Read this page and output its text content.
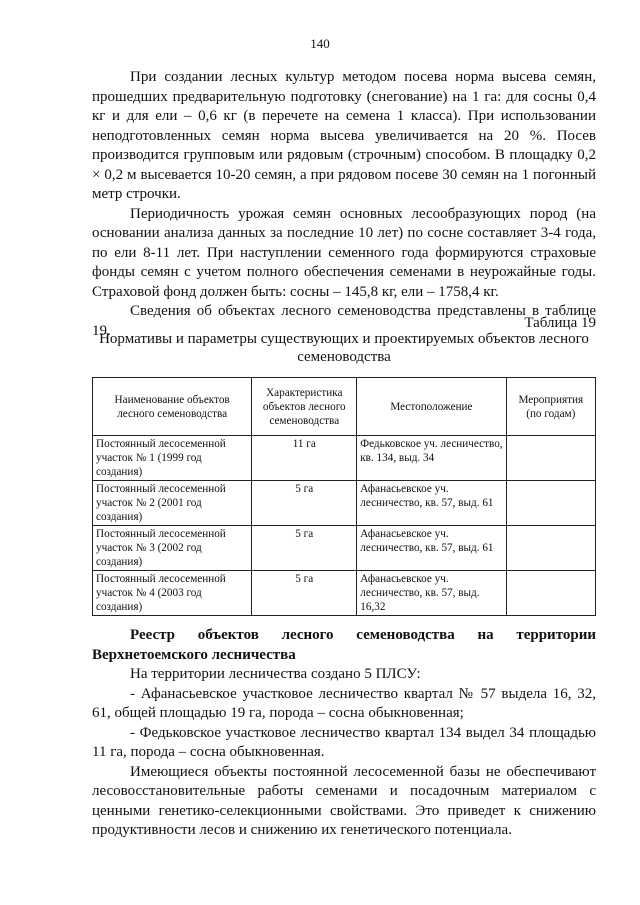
140

При создании лесных культур методом посева норма высева семян, прошедших предварительную подготовку (снегование) на 1 га: для сосны 0,4 кг и для ели – 0,6 кг (в перечете на семена 1 класса). При использовании неподготовленных семян норма высева увеличивается на 20 %. Посев производится групповым или рядовым (строчным) способом. В площадку 0,2 × 0,2 м высевается 10-20 семян, а при рядовом посеве 30 семян на 1 погонный метр строчки.

Периодичность урожая семян основных лесообразующих пород (на основании анализа данных за последние 10 лет) по сосне составляет 3-4 года, по ели 8-11 лет. При наступлении семенного года формируются страховые фонды семян с учетом полного обеспечения семенами в неурожайные годы. Страховой фонд должен быть: сосны – 145,8 кг, ели – 1758,4 кг.

Сведения об объектах лесного семеноводства представлены в таблице 19.	Таблица 19
Нормативы и параметры существующих и проектируемых объектов лесного семеноводства
Наименование объектов лесного семеноводства	Характеристика объектов лесного семеноводства	Местоположение	Мероприятия (по годам)
Постоянный лесосеменной участок № 1 (1999 год создания)	11 га	Федьковское уч. лесничество, кв. 134, выд. 34	
Постоянный лесосеменной участок № 2 (2001 год создания)	5 га	Афанасьевское уч. лесничество, кв. 57, выд. 61	
Постоянный лесосеменной участок № 3 (2002 год создания)	5 га	Афанасьевское уч. лесничество, кв. 57, выд. 61	
Постоянный лесосеменной участок № 4 (2003 год создания)	5 га	Афанасьевское уч. лесничество, кв. 57, выд. 16,32	

Реестр объектов лесного семеноводства на территории Верхнетоемского лесничества

На территории лесничества создано 5 ПЛСУ:

- Афанасьевское участковое лесничество квартал № 57 выдела 16, 32, 61, общей площадью 19 га, порода – сосна обыкновенная;

- Федьковское участковое лесничество квартал 134 выдел 34 площадью 11 га, порода – сосна обыкновенная.

Имеющиеся объекты постоянной лесосеменной базы не обеспечивают лесовосстановительные работы семенами и посадочным материалом с ценными генетико-селекционными свойствами. Это приведет к снижению продуктивности лесов и снижению их генетического потенциала.
